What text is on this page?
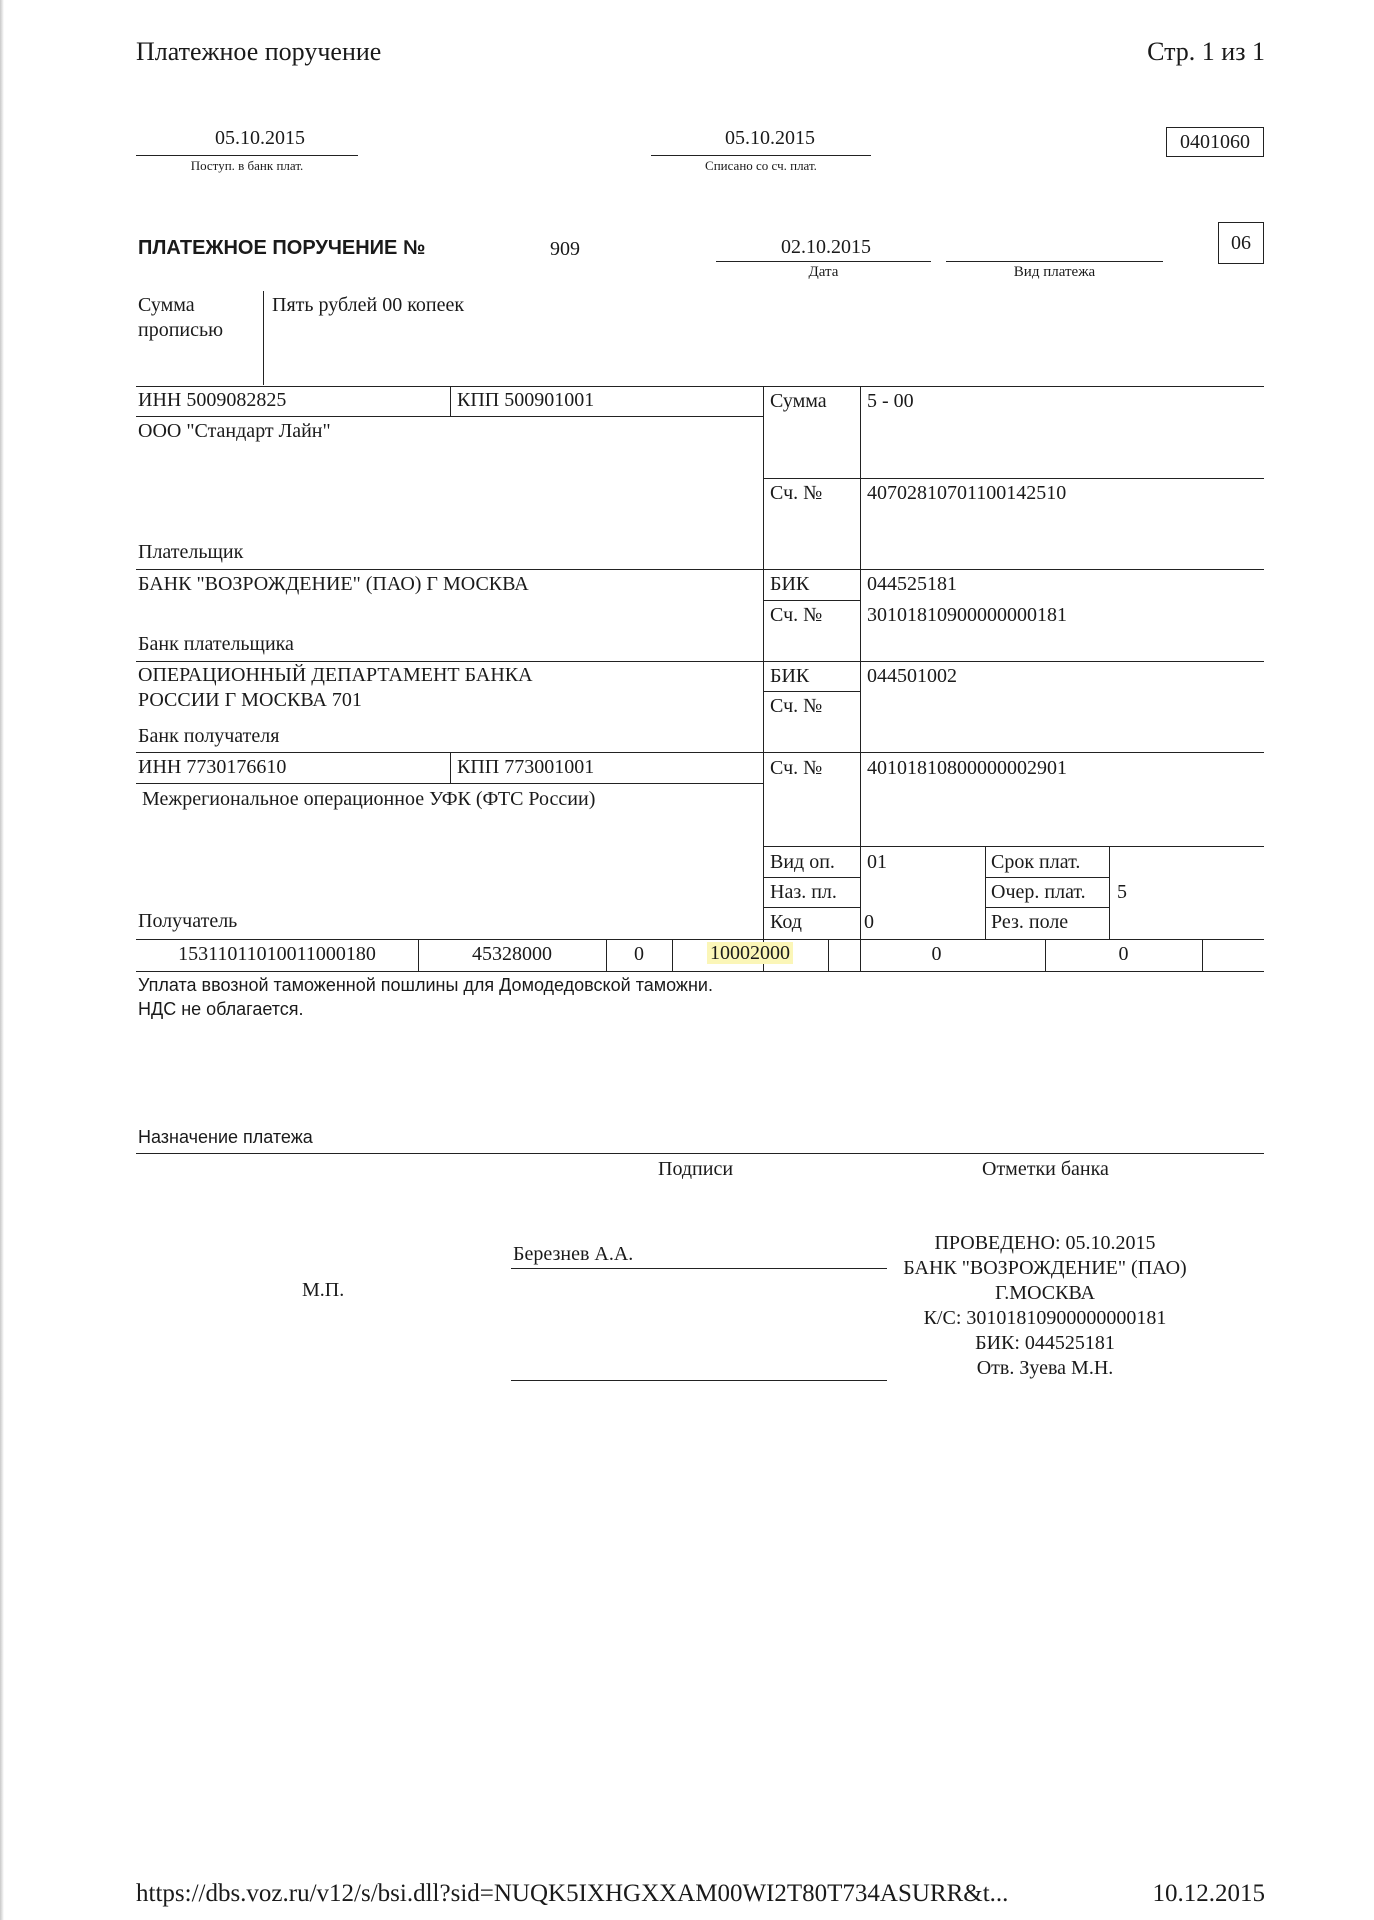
Платежное поручение	Стр. 1 из 1
05.10.2015
Поступ. в банк плат.
05.10.2015
Списано со сч. плат.
0401060
ПЛАТЕЖНОЕ ПОРУЧЕНИЕ №	909	02.10.2015
Дата	Вид платежа
06
Сумма
прописью
Пять рублей 00 копеек
ИНН 5009082825	КПП 500901001
ООО "Стандарт Лайн"
Плательщик
Сумма 5 - 00
Сч. № 40702810701100142510
БАНК "ВОЗРОЖДЕНИЕ" (ПАО) Г МОСКВА
Банк плательщика
БИК	044525181
Сч. № 30101810900000000181
ОПЕРАЦИОННЫЙ ДЕПАРТАМЕНТ БАНКА
РОССИИ Г МОСКВА 701
Банк получателя
БИК	044501002
Сч. №
ИНН 7730176610	КПП 773001001
Межрегиональное операционное УФК (ФТС России)
Получатель
Сч. № 40101810800000002901
Вид оп. 01	Срок плат.
Наз. пл.	Очер. плат. 5
Код	0	Рез. поле
15311011010011000180	45328000	0	10002000	0	0
Уплата ввозной таможенной пошлины для Домодедовской таможни.
НДС не облагается.
Назначение платежа
Подписи	Отметки банка
М.П.
Березнев А.А.	ПРОВЕДЕНО: 05.10.2015
БАНК "ВОЗРОЖДЕНИЕ" (ПАО)
Г.МОСКВА
К/С: 30101810900000000181
БИК: 044525181
Отв. Зуева М.Н.
https://dbs.voz.ru/v12/s/bsi.dll?sid=NUQK5IXHGXXAM00WI2T80T734ASURR&t...	10.12.2015
